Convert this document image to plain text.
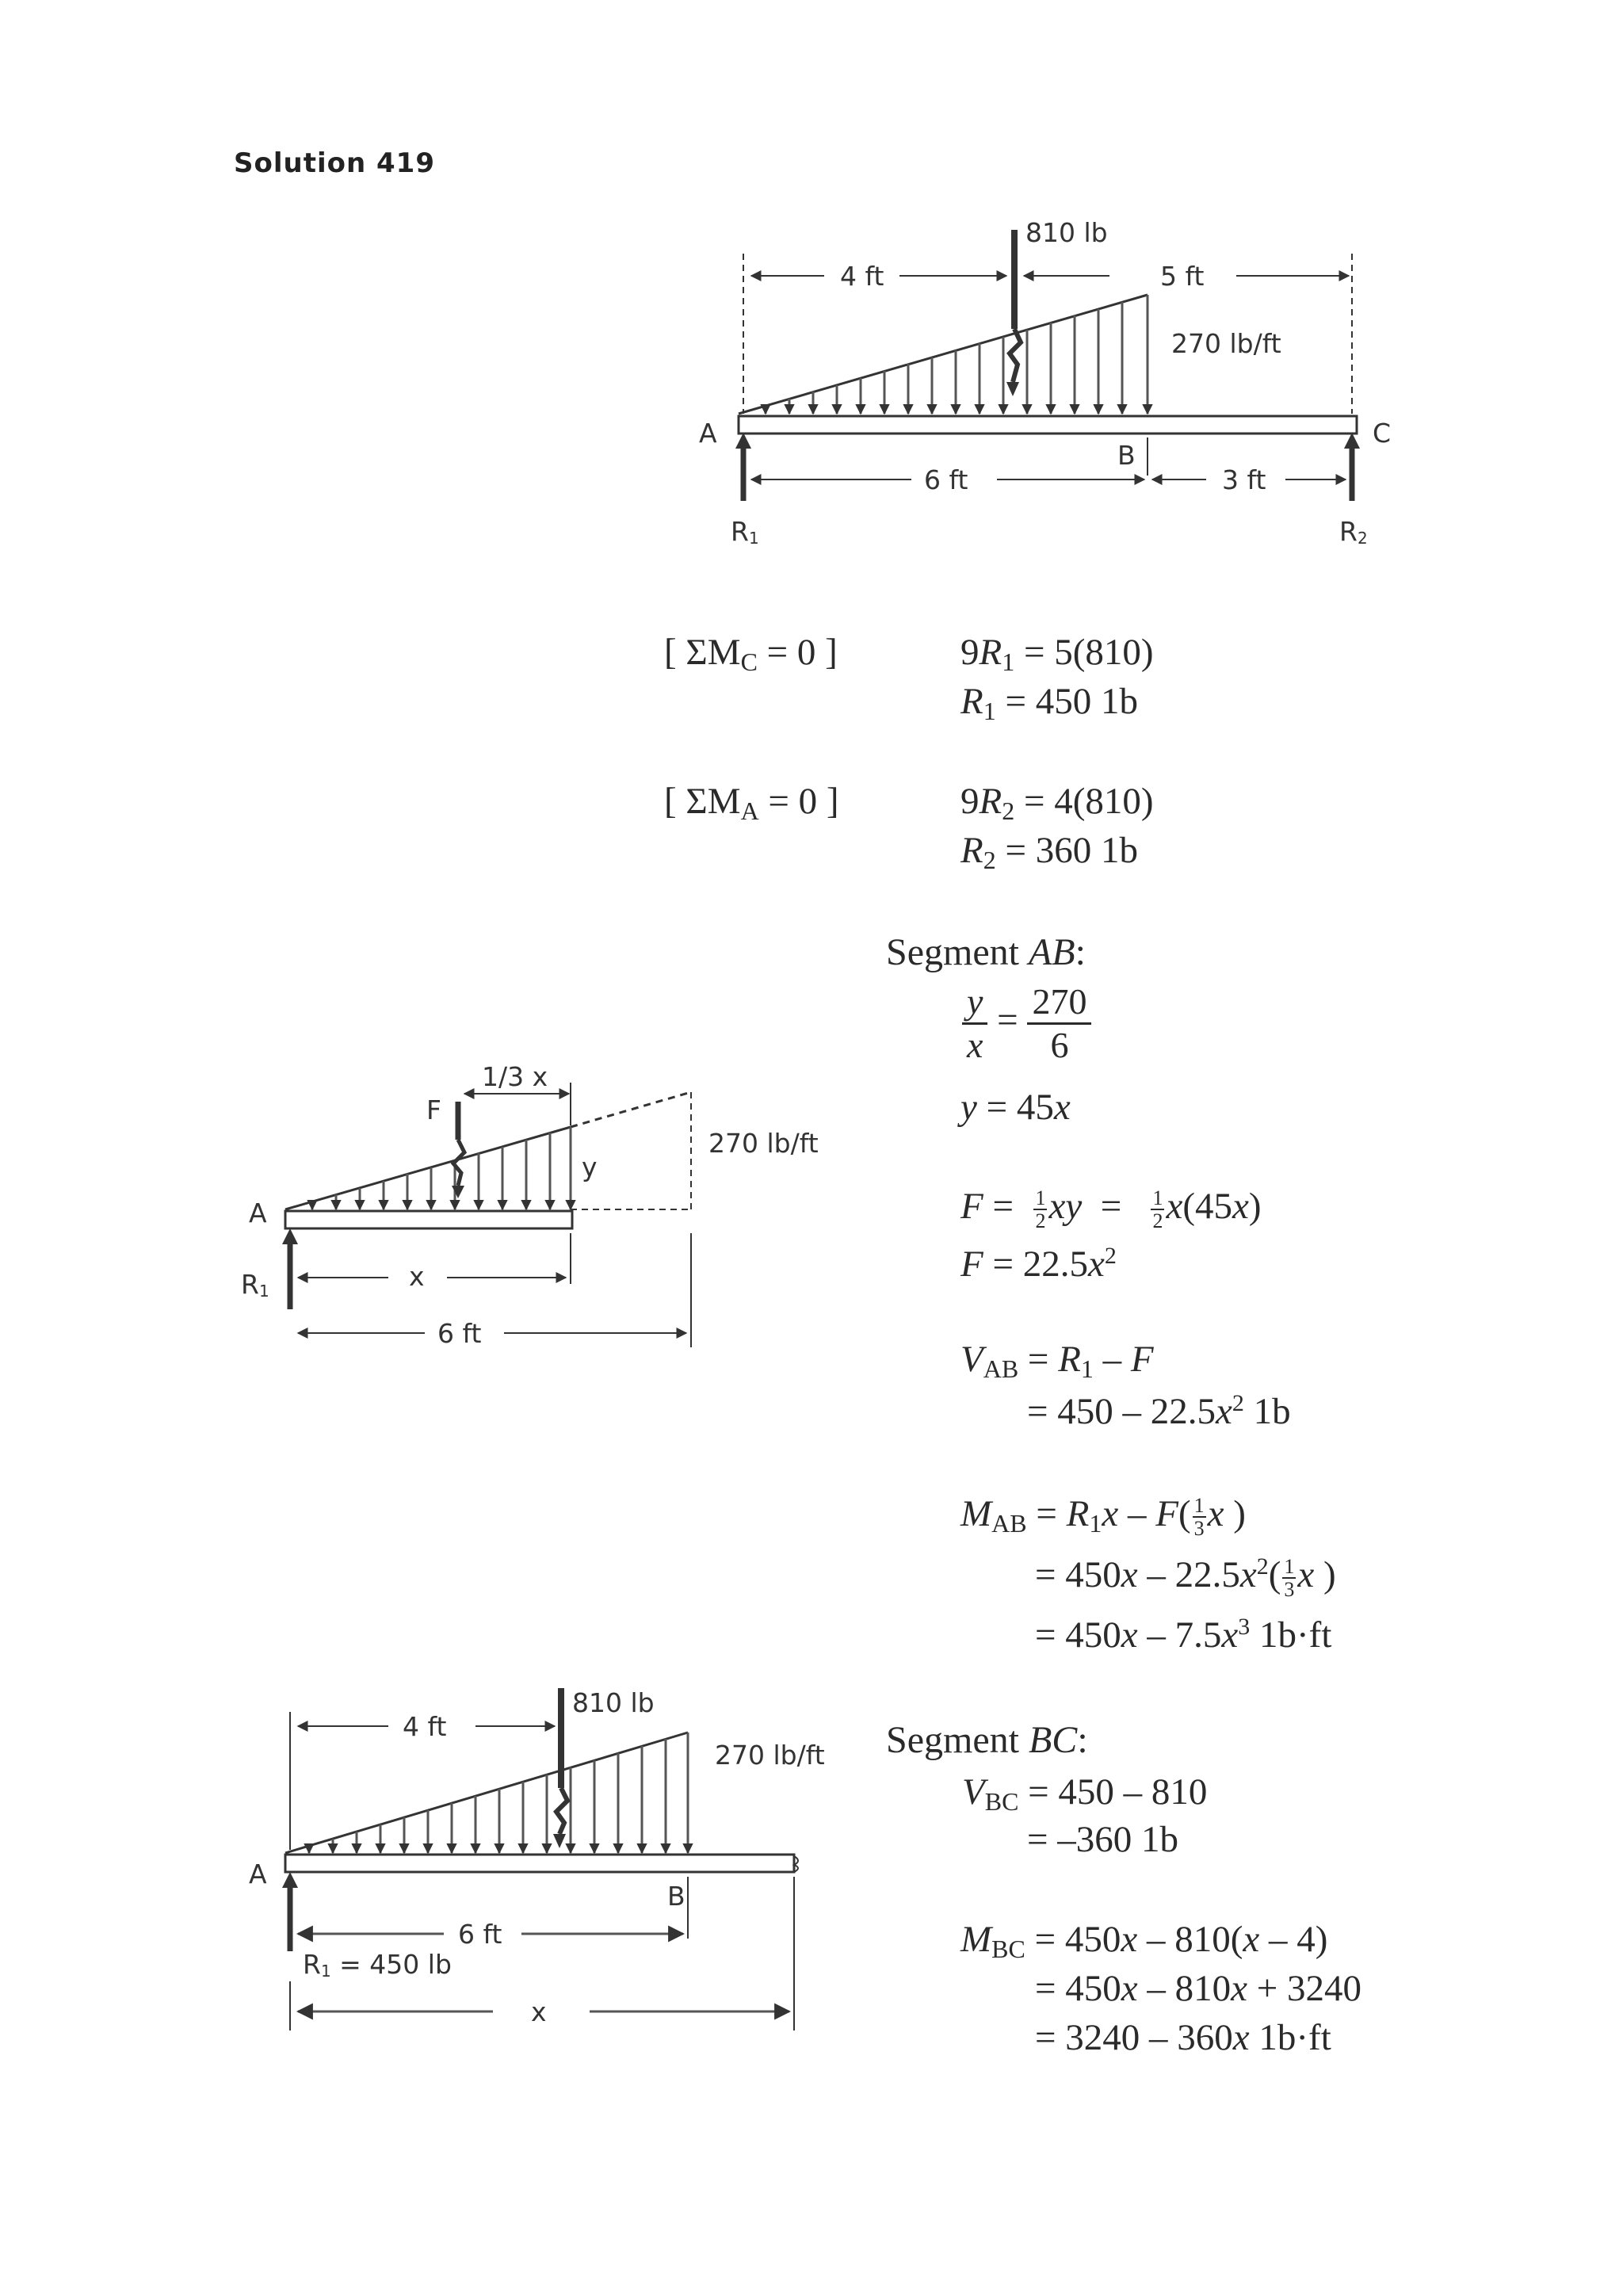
Solution 419
810 lb
4 ft	5 ft
270 lb/ft
A	C
B
6 ft	3 ft
R1	R2
[ $\Sigma M_C = 0$ ]	$9R_1 = 5(810)$
$R_1 = 450$ 1b
[ $\Sigma M_A = 0$ ]	$9R_2 = 4(810)$
$R_2 = 360$ 1b
F
1/3 x
y
270 lb/ft
A
R1	x
6 ft
Segment AB:
$\frac{y}{x} = \frac{270}{6}$
y = 45x
$F = \frac{1}{2}$ xy  = $\frac{1}{2} x(45x)$
$F = 22.5x^2$
$V_{AB} = R_1 - F$
= $450 - 22.5x^2$ 1b
$M_{AB} = R_1x - F( \frac{1}{3}$ x )
= $450x - 22.5x^2( \frac{1}{3}$ x )
= $450x - 7.5x^3$ 1b·ft
810 lb
270 lb/ft
4 ft
A
B
6 ft
R1 = 450 lb
x
Segment BC:
$V_{BC} = 450 - 810$
= –360 1b
$M_{BC} = 450x - 810(x - 4)$
= 450x – 810x + 3240
= 3240 – 360x 1b·ft
